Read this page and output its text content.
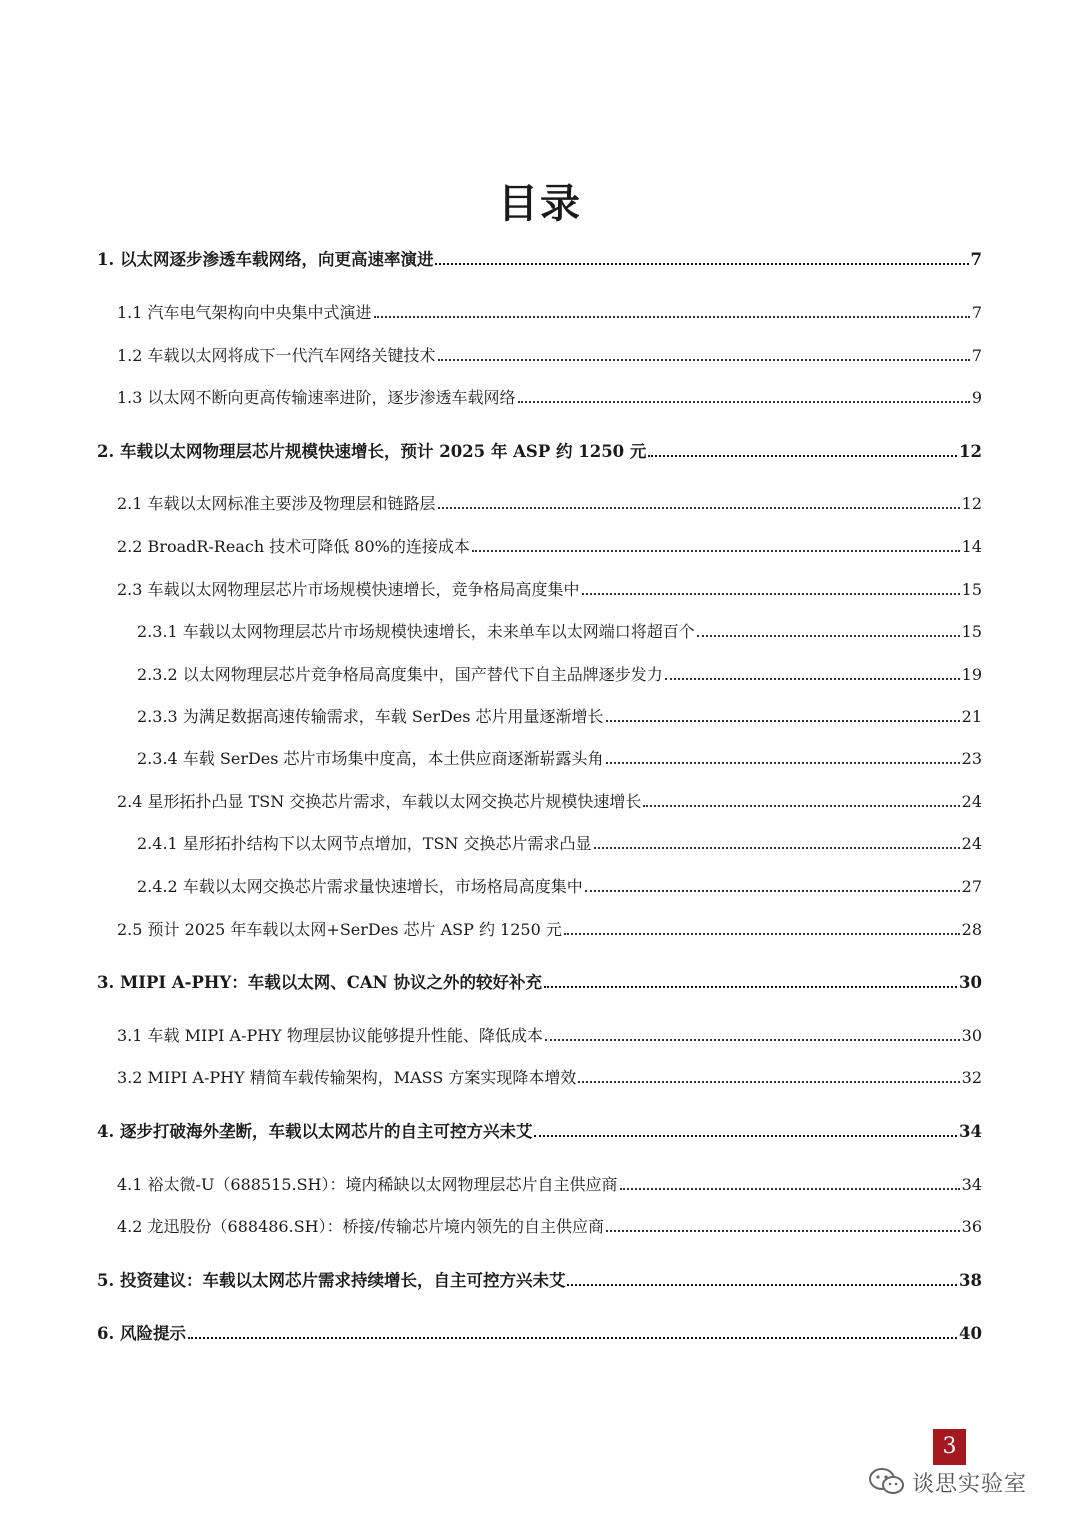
目录
1. 以太网逐步渗透车载网络，向更高速率演进	7
1.1 汽车电气架构向中央集中式演进	7
1.2 车载以太网将成下一代汽车网络关键技术	7
1.3 以太网不断向更高传输速率进阶，逐步渗透车载网络	9
2. 车载以太网物理层芯片规模快速增长，预计 2025 年 ASP 约 1250 元	12
2.1 车载以太网标准主要涉及物理层和链路层	12
2.2 BroadR-Reach 技术可降低 80%的连接成本	14
2.3 车载以太网物理层芯片市场规模快速增长，竞争格局高度集中	15
2.3.1 车载以太网物理层芯片市场规模快速增长，未来单车以太网端口将超百个	15
2.3.2 以太网物理层芯片竞争格局高度集中，国产替代下自主品牌逐步发力	19
2.3.3 为满足数据高速传输需求，车载 SerDes 芯片用量逐渐增长	21
2.3.4 车载 SerDes 芯片市场集中度高，本土供应商逐渐崭露头角	23
2.4 星形拓扑凸显 TSN 交换芯片需求，车载以太网交换芯片规模快速增长	24
2.4.1 星形拓扑结构下以太网节点增加，TSN 交换芯片需求凸显	24
2.4.2 车载以太网交换芯片需求量快速增长，市场格局高度集中	27
2.5 预计 2025 年车载以太网+SerDes 芯片 ASP 约 1250 元	28
3. MIPI A-PHY：车载以太网、CAN 协议之外的较好补充	30
3.1 车载 MIPI A-PHY 物理层协议能够提升性能、降低成本	30
3.2 MIPI A-PHY 精简车载传输架构，MASS 方案实现降本增效	32
4. 逐步打破海外垄断，车载以太网芯片的自主可控方兴未艾	34
4.1 裕太微-U（688515.SH）：境内稀缺以太网物理层芯片自主供应商	34
4.2 龙迅股份（688486.SH）：桥接/传输芯片境内领先的自主供应商	36
5. 投资建议：车载以太网芯片需求持续增长，自主可控方兴未艾	38
6. 风险提示	40
3
谈思实验室
